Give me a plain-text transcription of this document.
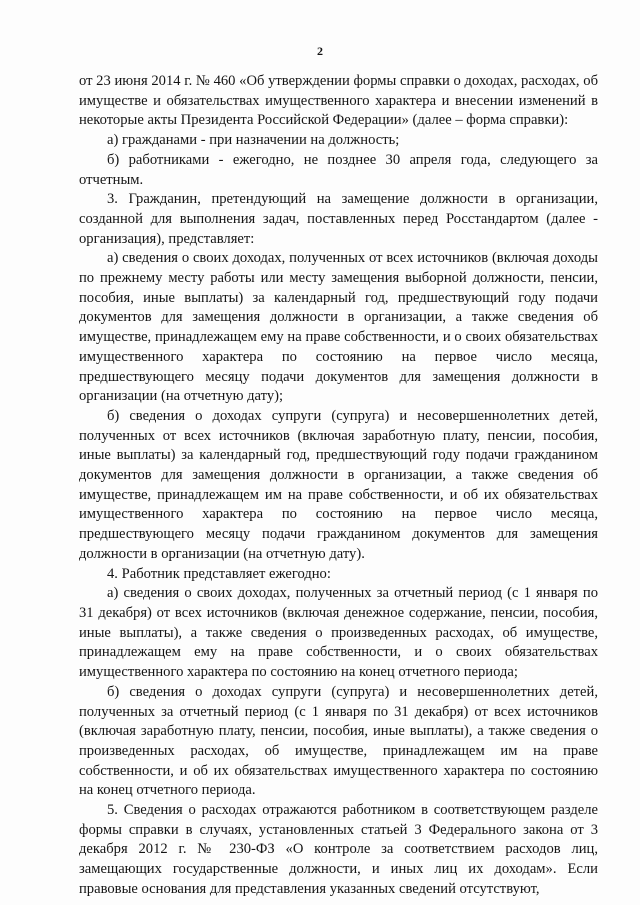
2

от 23 июня 2014 г. № 460 «Об утверждении формы справки о доходах, расходах, об имуществе и обязательствах имущественного характера и внесении изменений в некоторые акты Президента Российской Федерации» (далее – форма справки):

а) гражданами - при назначении на должность;

б) работниками - ежегодно, не позднее 30 апреля года, следующего за отчетным.

3. Гражданин, претендующий на замещение должности в организации, созданной для выполнения задач, поставленных перед Росстандартом (далее - организация), представляет:

а) сведения о своих доходах, полученных от всех источников (включая доходы по прежнему месту работы или месту замещения выборной должности, пенсии, пособия, иные выплаты) за календарный год, предшествующий году подачи документов для замещения должности в организации, а также сведения об имуществе, принадлежащем ему на праве собственности, и о своих обязательствах имущественного характера по состоянию на первое число месяца, предшествующего месяцу подачи документов для замещения должности в организации (на отчетную дату);

б) сведения о доходах супруги (супруга) и несовершеннолетних детей, полученных от всех источников (включая заработную плату, пенсии, пособия, иные выплаты) за календарный год, предшествующий году подачи гражданином документов для замещения должности в организации, а также сведения об имуществе, принадлежащем им на праве собственности, и об их обязательствах имущественного характера по состоянию на первое число месяца, предшествующего месяцу подачи гражданином документов для замещения должности в организации (на отчетную дату).

4. Работник представляет ежегодно:

а) сведения о своих доходах, полученных за отчетный период (с 1 января по 31 декабря) от всех источников (включая денежное содержание, пенсии, пособия, иные выплаты), а также сведения о произведенных расходах, об имуществе, принадлежащем ему на праве собственности, и о своих обязательствах имущественного характера по состоянию на конец отчетного периода;

б) сведения о доходах супруги (супруга) и несовершеннолетних детей, полученных за отчетный период (с 1 января по 31 декабря) от всех источников (включая заработную плату, пенсии, пособия, иные выплаты), а также сведения о произведенных расходах, об имуществе, принадлежащем им на праве собственности, и об их обязательствах имущественного характера по состоянию на конец отчетного периода.

5. Сведения о расходах отражаются работником в соответствующем разделе формы справки в случаях, установленных статьей 3 Федерального закона от 3 декабря 2012 г. № 230-ФЗ «О контроле за соответствием расходов лиц, замещающих государственные должности, и иных лиц их доходам». Если правовые основания для представления указанных сведений отсутствуют,
